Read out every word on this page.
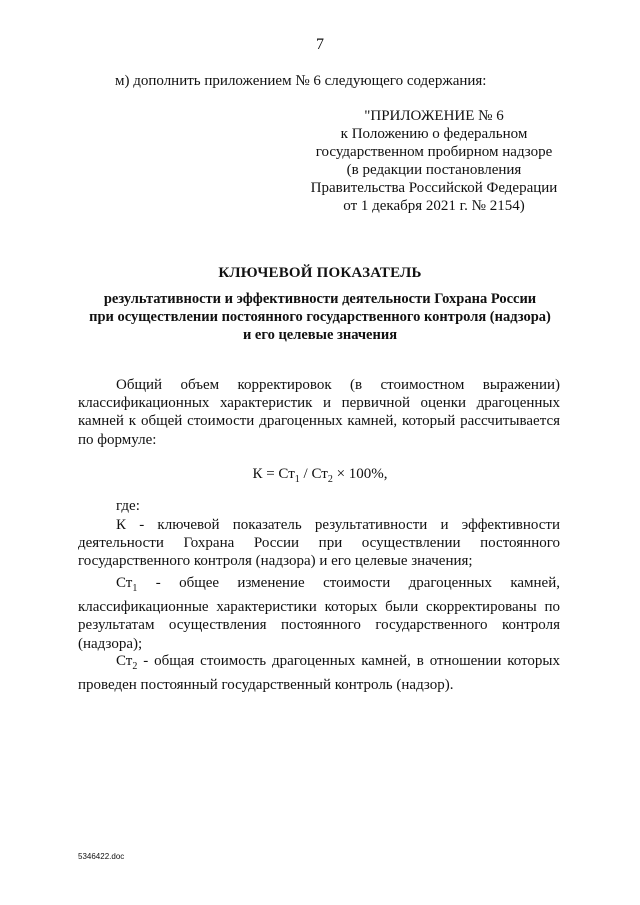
7
м) дополнить приложением № 6 следующего содержания:
"ПРИЛОЖЕНИЕ № 6
к Положению о федеральном
государственном пробирном надзоре
(в редакции постановления
Правительства Российской Федерации
от 1 декабря 2021 г. № 2154)
КЛЮЧЕВОЙ ПОКАЗАТЕЛЬ
результативности и эффективности деятельности Гохрана России
при осуществлении постоянного государственного контроля (надзора)
и его целевые значения
Общий объем корректировок (в стоимостном выражении) классификационных характеристик и первичной оценки драгоценных камней к общей стоимости драгоценных камней, который рассчитывается по формуле:
$К = Ст_1 / Ст_2 \times 100\%$,
где:
К - ключевой показатель результативности и эффективности деятельности Гохрана России при осуществлении постоянного государственного контроля (надзора) и его целевые значения;
$Ст_1$ - общее изменение стоимости драгоценных камней, классификационные характеристики которых были скорректированы по результатам осуществления постоянного государственного контроля (надзора);
$Ст_2$ - общая стоимость драгоценных камней, в отношении которых проведен постоянный государственный контроль (надзор).
5346422.doc
